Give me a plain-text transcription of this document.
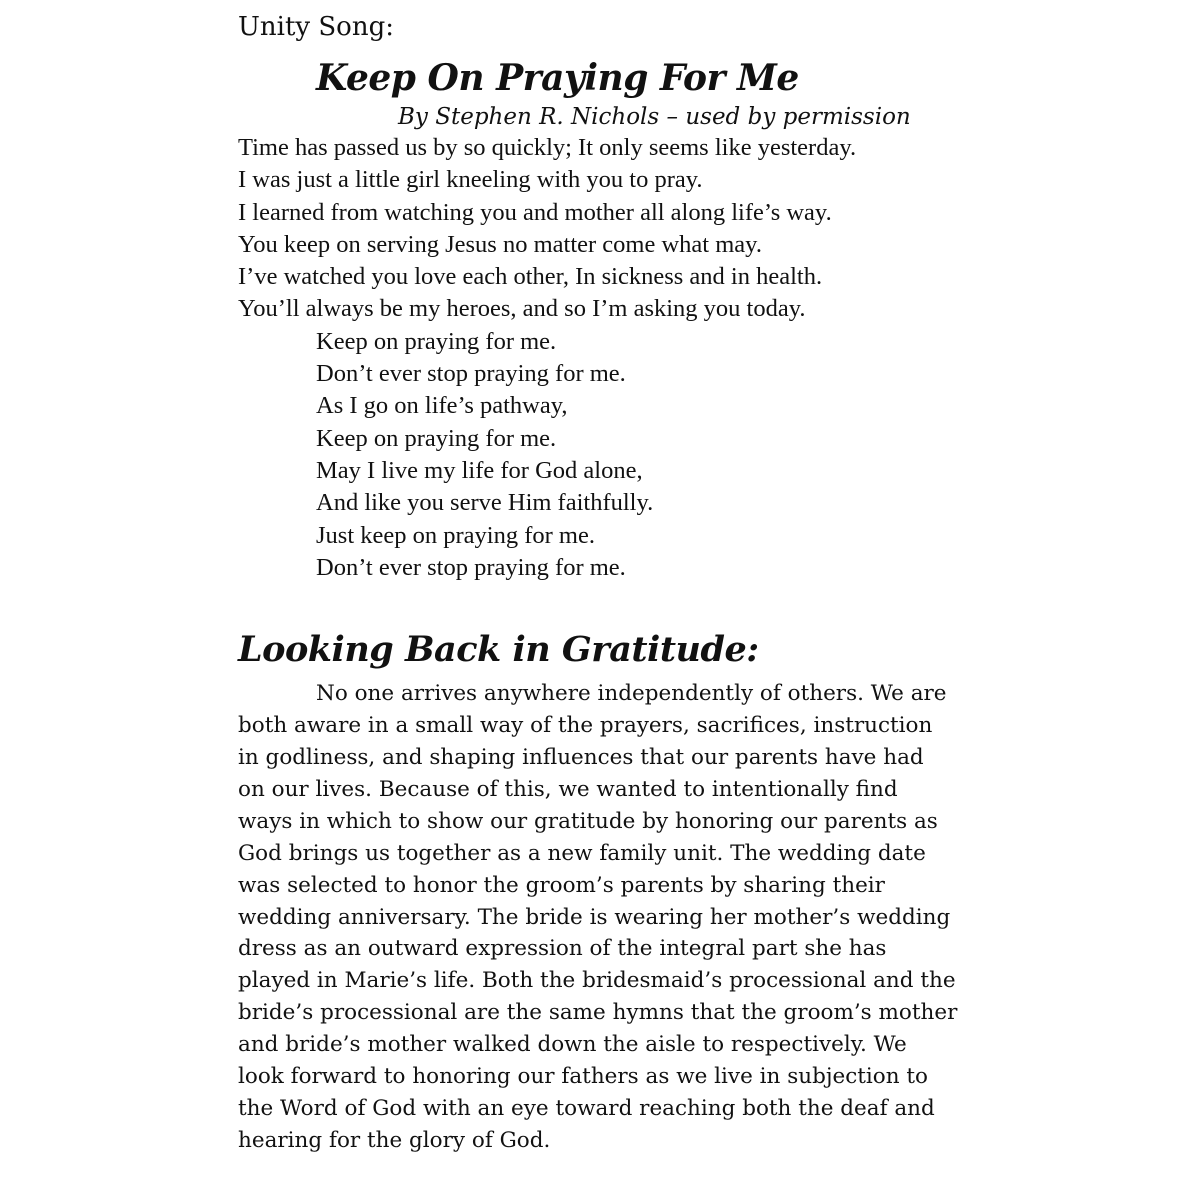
Unity Song:

Keep On Praying For Me
By Stephen R. Nichols – used by permission
Time has passed us by so quickly; It only seems like yesterday.
I was just a little girl kneeling with you to pray.
I learned from watching you and mother all along life’s way.
You keep on serving Jesus no matter come what may.
I’ve watched you love each other, In sickness and in health.
You’ll always be my heroes, and so I’m asking you today.
Keep on praying for me.
Don’t ever stop praying for me.
As I go on life’s pathway,
Keep on praying for me.
May I live my life for God alone,
And like you serve Him faithfully.
Just keep on praying for me.
Don’t ever stop praying for me.
Looking Back in Gratitude:
No one arrives anywhere independently of others. We are
both aware in a small way of the prayers, sacrifices, instruction
in godliness, and shaping influences that our parents have had
on our lives. Because of this, we wanted to intentionally find
ways in which to show our gratitude by honoring our parents as
God brings us together as a new family unit. The wedding date
was selected to honor the groom’s parents by sharing their
wedding anniversary. The bride is wearing her mother’s wedding
dress as an outward expression of the integral part she has
played in Marie’s life. Both the bridesmaid’s processional and the
bride’s processional are the same hymns that the groom’s mother
and bride’s mother walked down the aisle to respectively. We
look forward to honoring our fathers as we live in subjection to
the Word of God with an eye toward reaching both the deaf and
hearing for the glory of God.
